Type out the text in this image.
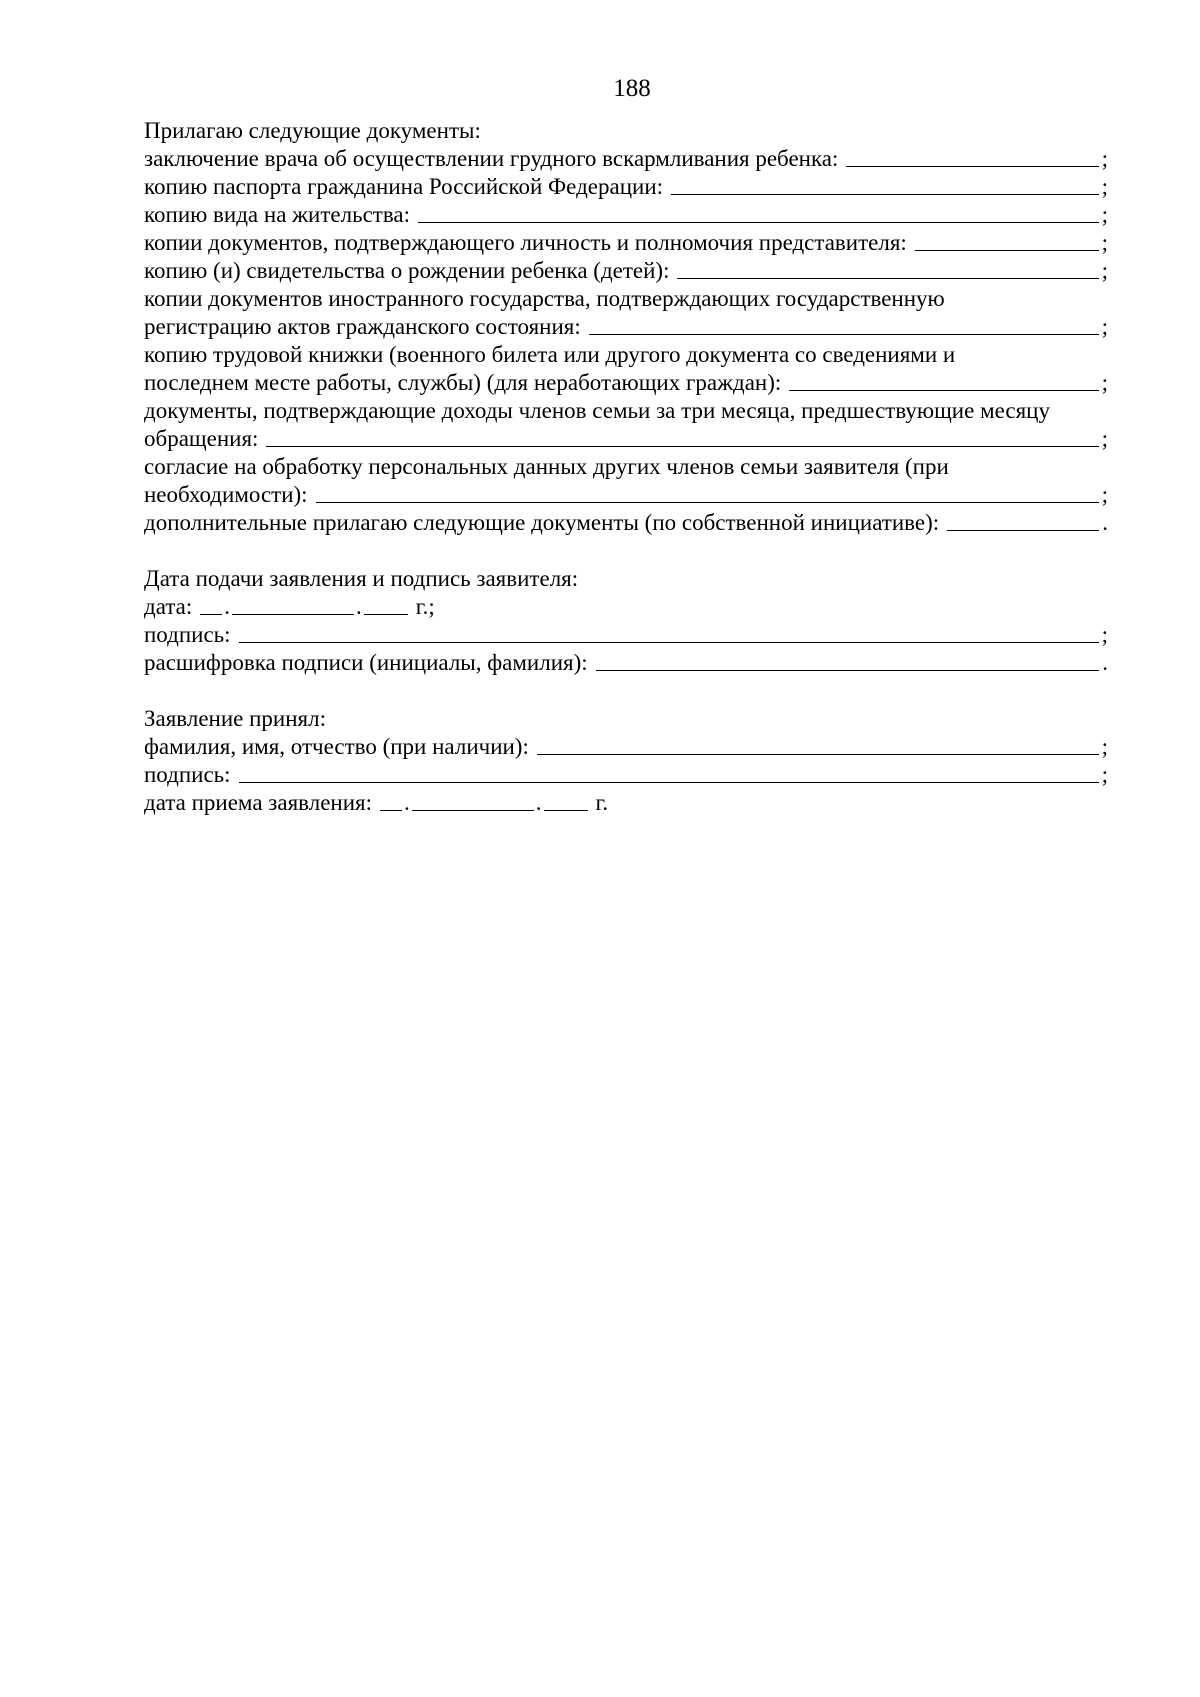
188
Прилагаю следующие документы:
заключение врача об осуществлении грудного вскармливания ребенка:	;
копию паспорта гражданина Российской Федерации:	;
копию вида на жительства:	;
копии документов, подтверждающего личность и полномочия представителя:	;
копию (и) свидетельства о рождении ребенка (детей):	;
копии документов иностранного государства, подтверждающих государственную
регистрацию актов гражданского состояния:	;
копию трудовой книжки (военного билета или другого документа со сведениями и
последнем месте работы, службы) (для неработающих граждан):	;
документы, подтверждающие доходы членов семьи за три месяца, предшествующие месяцу
обращения:	;
согласие на обработку персональных данных других членов семьи заявителя (при
необходимости):	;
дополнительные прилагаю следующие документы (по собственной инициативе):	.
Дата подачи заявления и подпись заявителя:
дата: .	. г.;
подпись:	;
расшифровка подписи (инициалы, фамилия):	.
Заявление принял:
фамилия, имя, отчество (при наличии):	;
подпись:	;
дата приема заявления: .	. г.
